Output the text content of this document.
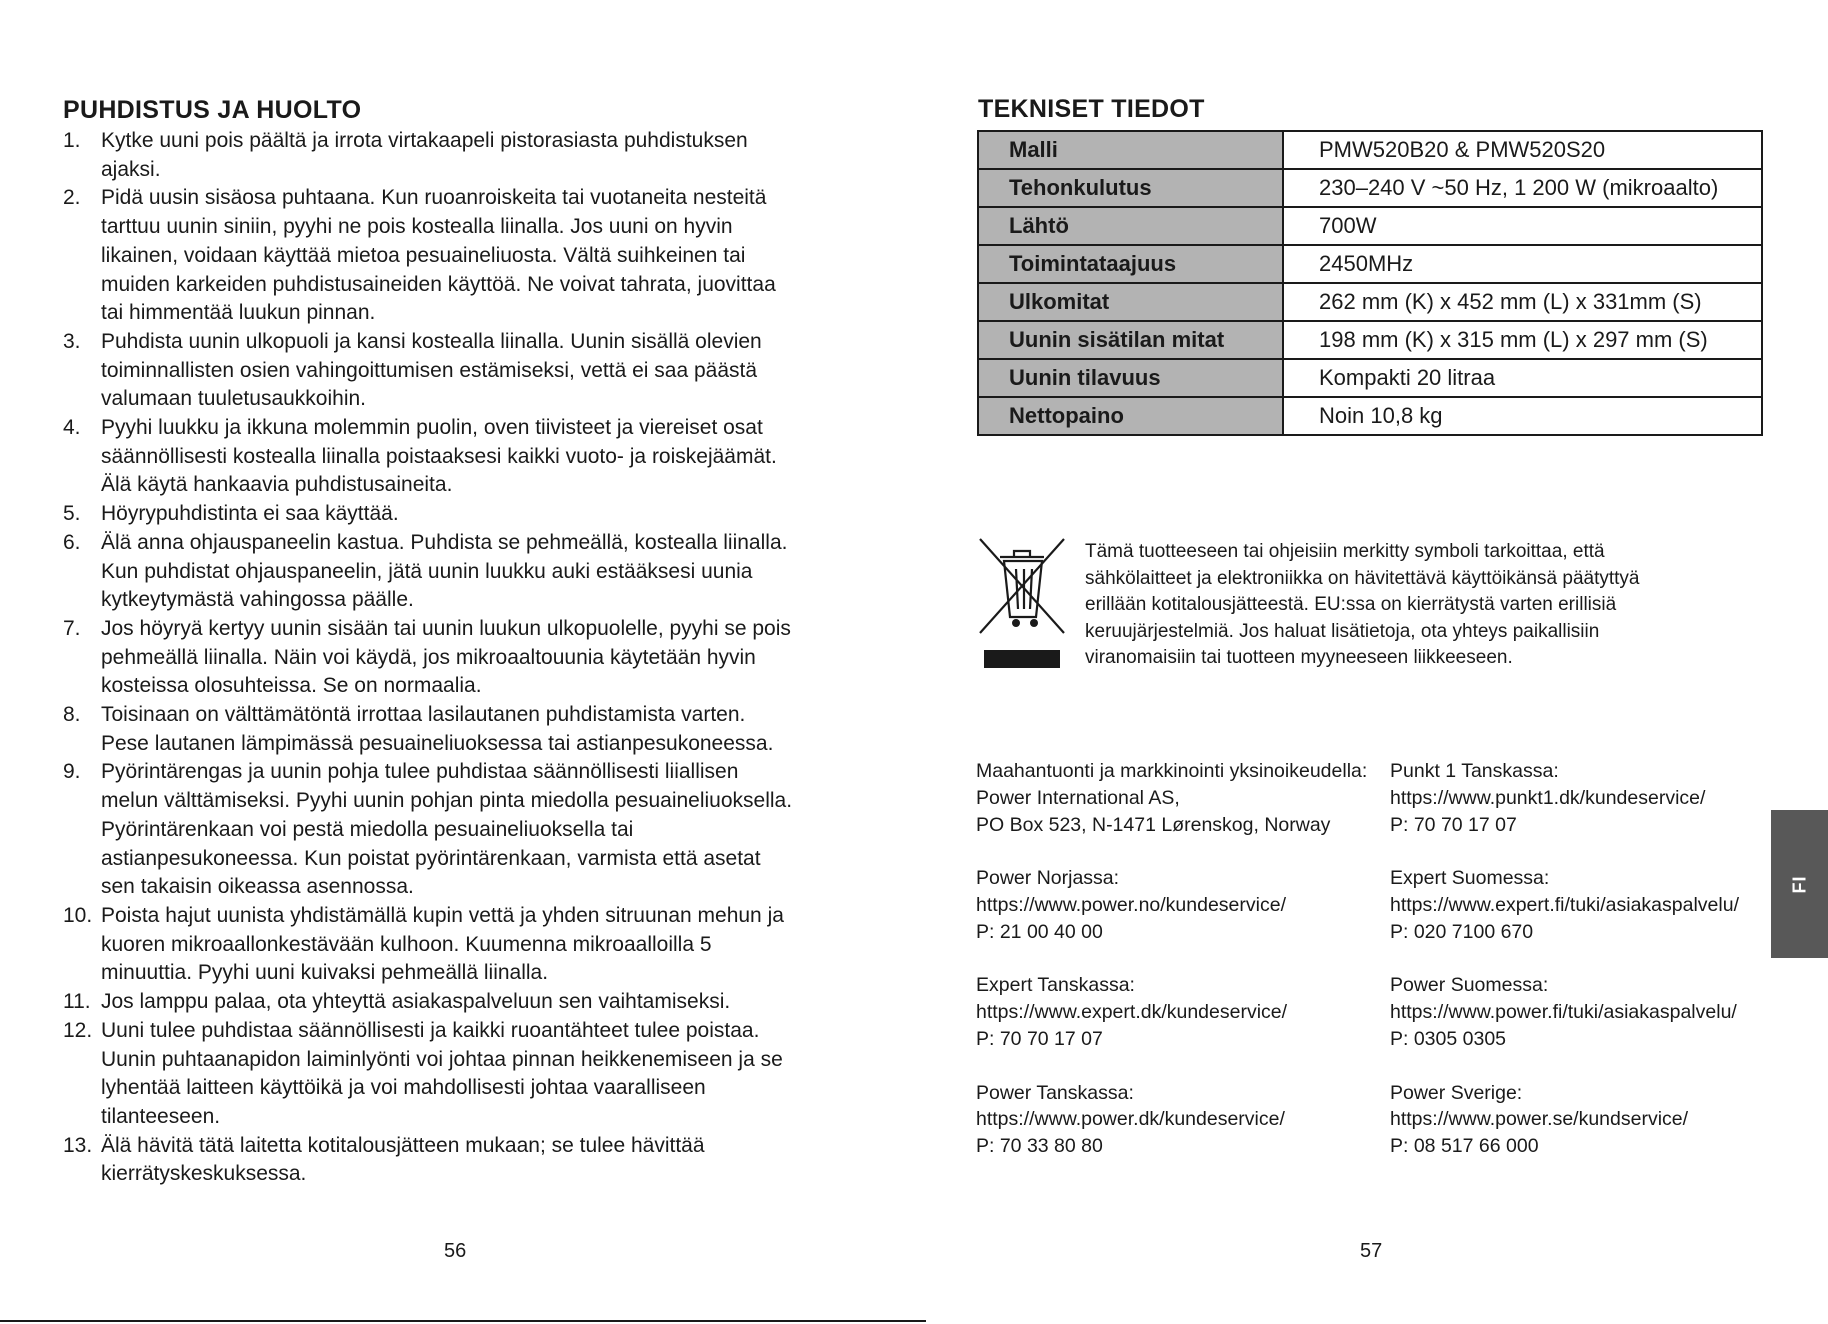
PUHDISTUS JA HUOLTO
1. Kytke uuni pois päältä ja irrota virtakaapeli pistorasiasta puhdistuksen
ajaksi.
2. Pidä uusin sisäosa puhtaana. Kun ruoanroiskeita tai vuotaneita nesteitä
tarttuu uunin siniin, pyyhi ne pois kostealla liinalla. Jos uuni on hyvin
likainen, voidaan käyttää mietoa pesuaineliuosta. Vältä suihkeinen tai
muiden karkeiden puhdistusaineiden käyttöä. Ne voivat tahrata, juovittaa
tai himmentää luukun pinnan.
3. Puhdista uunin ulkopuoli ja kansi kostealla liinalla. Uunin sisällä olevien
toiminnallisten osien vahingoittumisen estämiseksi, vettä ei saa päästä
valumaan tuuletusaukkoihin.
4. Pyyhi luukku ja ikkuna molemmin puolin, oven tiivisteet ja viereiset osat
säännöllisesti kostealla liinalla poistaaksesi kaikki vuoto- ja roiskejäämät.
Älä käytä hankaavia puhdistusaineita.
5. Höyrypuhdistinta ei saa käyttää.
6. Älä anna ohjauspaneelin kastua. Puhdista se pehmeällä, kostealla liinalla.
Kun puhdistat ohjauspaneelin, jätä uunin luukku auki estääksesi uunia
kytkeytymästä vahingossa päälle.
7. Jos höyryä kertyy uunin sisään tai uunin luukun ulkopuolelle, pyyhi se pois
pehmeällä liinalla. Näin voi käydä, jos mikroaaltouunia käytetään hyvin
kosteissa olosuhteissa. Se on normaalia.
8. Toisinaan on välttämätöntä irrottaa lasilautanen puhdistamista varten.
Pese lautanen lämpimässä pesuaineliuoksessa tai astianpesukoneessa.
9. Pyörintärengas ja uunin pohja tulee puhdistaa säännöllisesti liiallisen
melun välttämiseksi. Pyyhi uunin pohjan pinta miedolla pesuaineliuoksella.
Pyörintärenkaan voi pestä miedolla pesuaineliuoksella tai
astianpesukoneessa. Kun poistat pyörintärenkaan, varmista että asetat
sen takaisin oikeassa asennossa.
10. Poista hajut uunista yhdistämällä kupin vettä ja yhden sitruunan mehun ja
kuoren mikroaallonkestävään kulhoon. Kuumenna mikroaalloilla 5
minuuttia. Pyyhi uuni kuivaksi pehmeällä liinalla.
11. Jos lamppu palaa, ota yhteyttä asiakaspalveluun sen vaihtamiseksi.
12. Uuni tulee puhdistaa säännöllisesti ja kaikki ruoantähteet tulee poistaa.
Uunin puhtaanapidon laiminlyönti voi johtaa pinnan heikkenemiseen ja se
lyhentää laitteen käyttöikä ja voi mahdollisesti johtaa vaaralliseen
tilanteeseen.
13. Älä hävitä tätä laitetta kotitalousjätteen mukaan; se tulee hävittää
kierrätyskeskuksessa.
56
TEKNISET TIEDOT
Malli	PMW520B20 & PMW520S20
Tehonkulutus	230–240 V ~50 Hz, 1 200 W (mikroaalto)
Lähtö	700W
Toimintataajuus	2450MHz
Ulkomitat	262 mm (K) x 452 mm (L) x 331mm (S)
Uunin sisätilan mitat	198 mm (K) x 315 mm (L) x 297 mm (S)
Uunin tilavuus	Kompakti 20 litraa
Nettopaino	Noin 10,8 kg
Tämä tuotteeseen tai ohjeisiin merkitty symboli tarkoittaa, että
sähkölaitteet ja elektroniikka on hävitettävä käyttöikänsä päätyttyä
erillään kotitalousjätteestä. EU:ssa on kierrätystä varten erillisiä
keruujärjestelmiä. Jos haluat lisätietoja, ota yhteys paikallisiin
viranomaisiin tai tuotteen myyneeseen liikkeeseen.
Maahantuonti ja markkinointi yksinoikeudella:
Power International AS,
PO Box 523, N-1471 Lørenskog, Norway
Power Norjassa:
https://www.power.no/kundeservice/
P: 21 00 40 00
Expert Tanskassa:
https://www.expert.dk/kundeservice/
P: 70 70 17 07
Power Tanskassa:
https://www.power.dk/kundeservice/
P: 70 33 80 80
Punkt 1 Tanskassa:
https://www.punkt1.dk/kundeservice/
P: 70 70 17 07
Expert Suomessa:
https://www.expert.fi/tuki/asiakaspalvelu/
P: 020 7100 670
Power Suomessa:
https://www.power.fi/tuki/asiakaspalvelu/
P: 0305 0305
Power Sverige:
https://www.power.se/kundservice/
P: 08 517 66 000
57
FI
